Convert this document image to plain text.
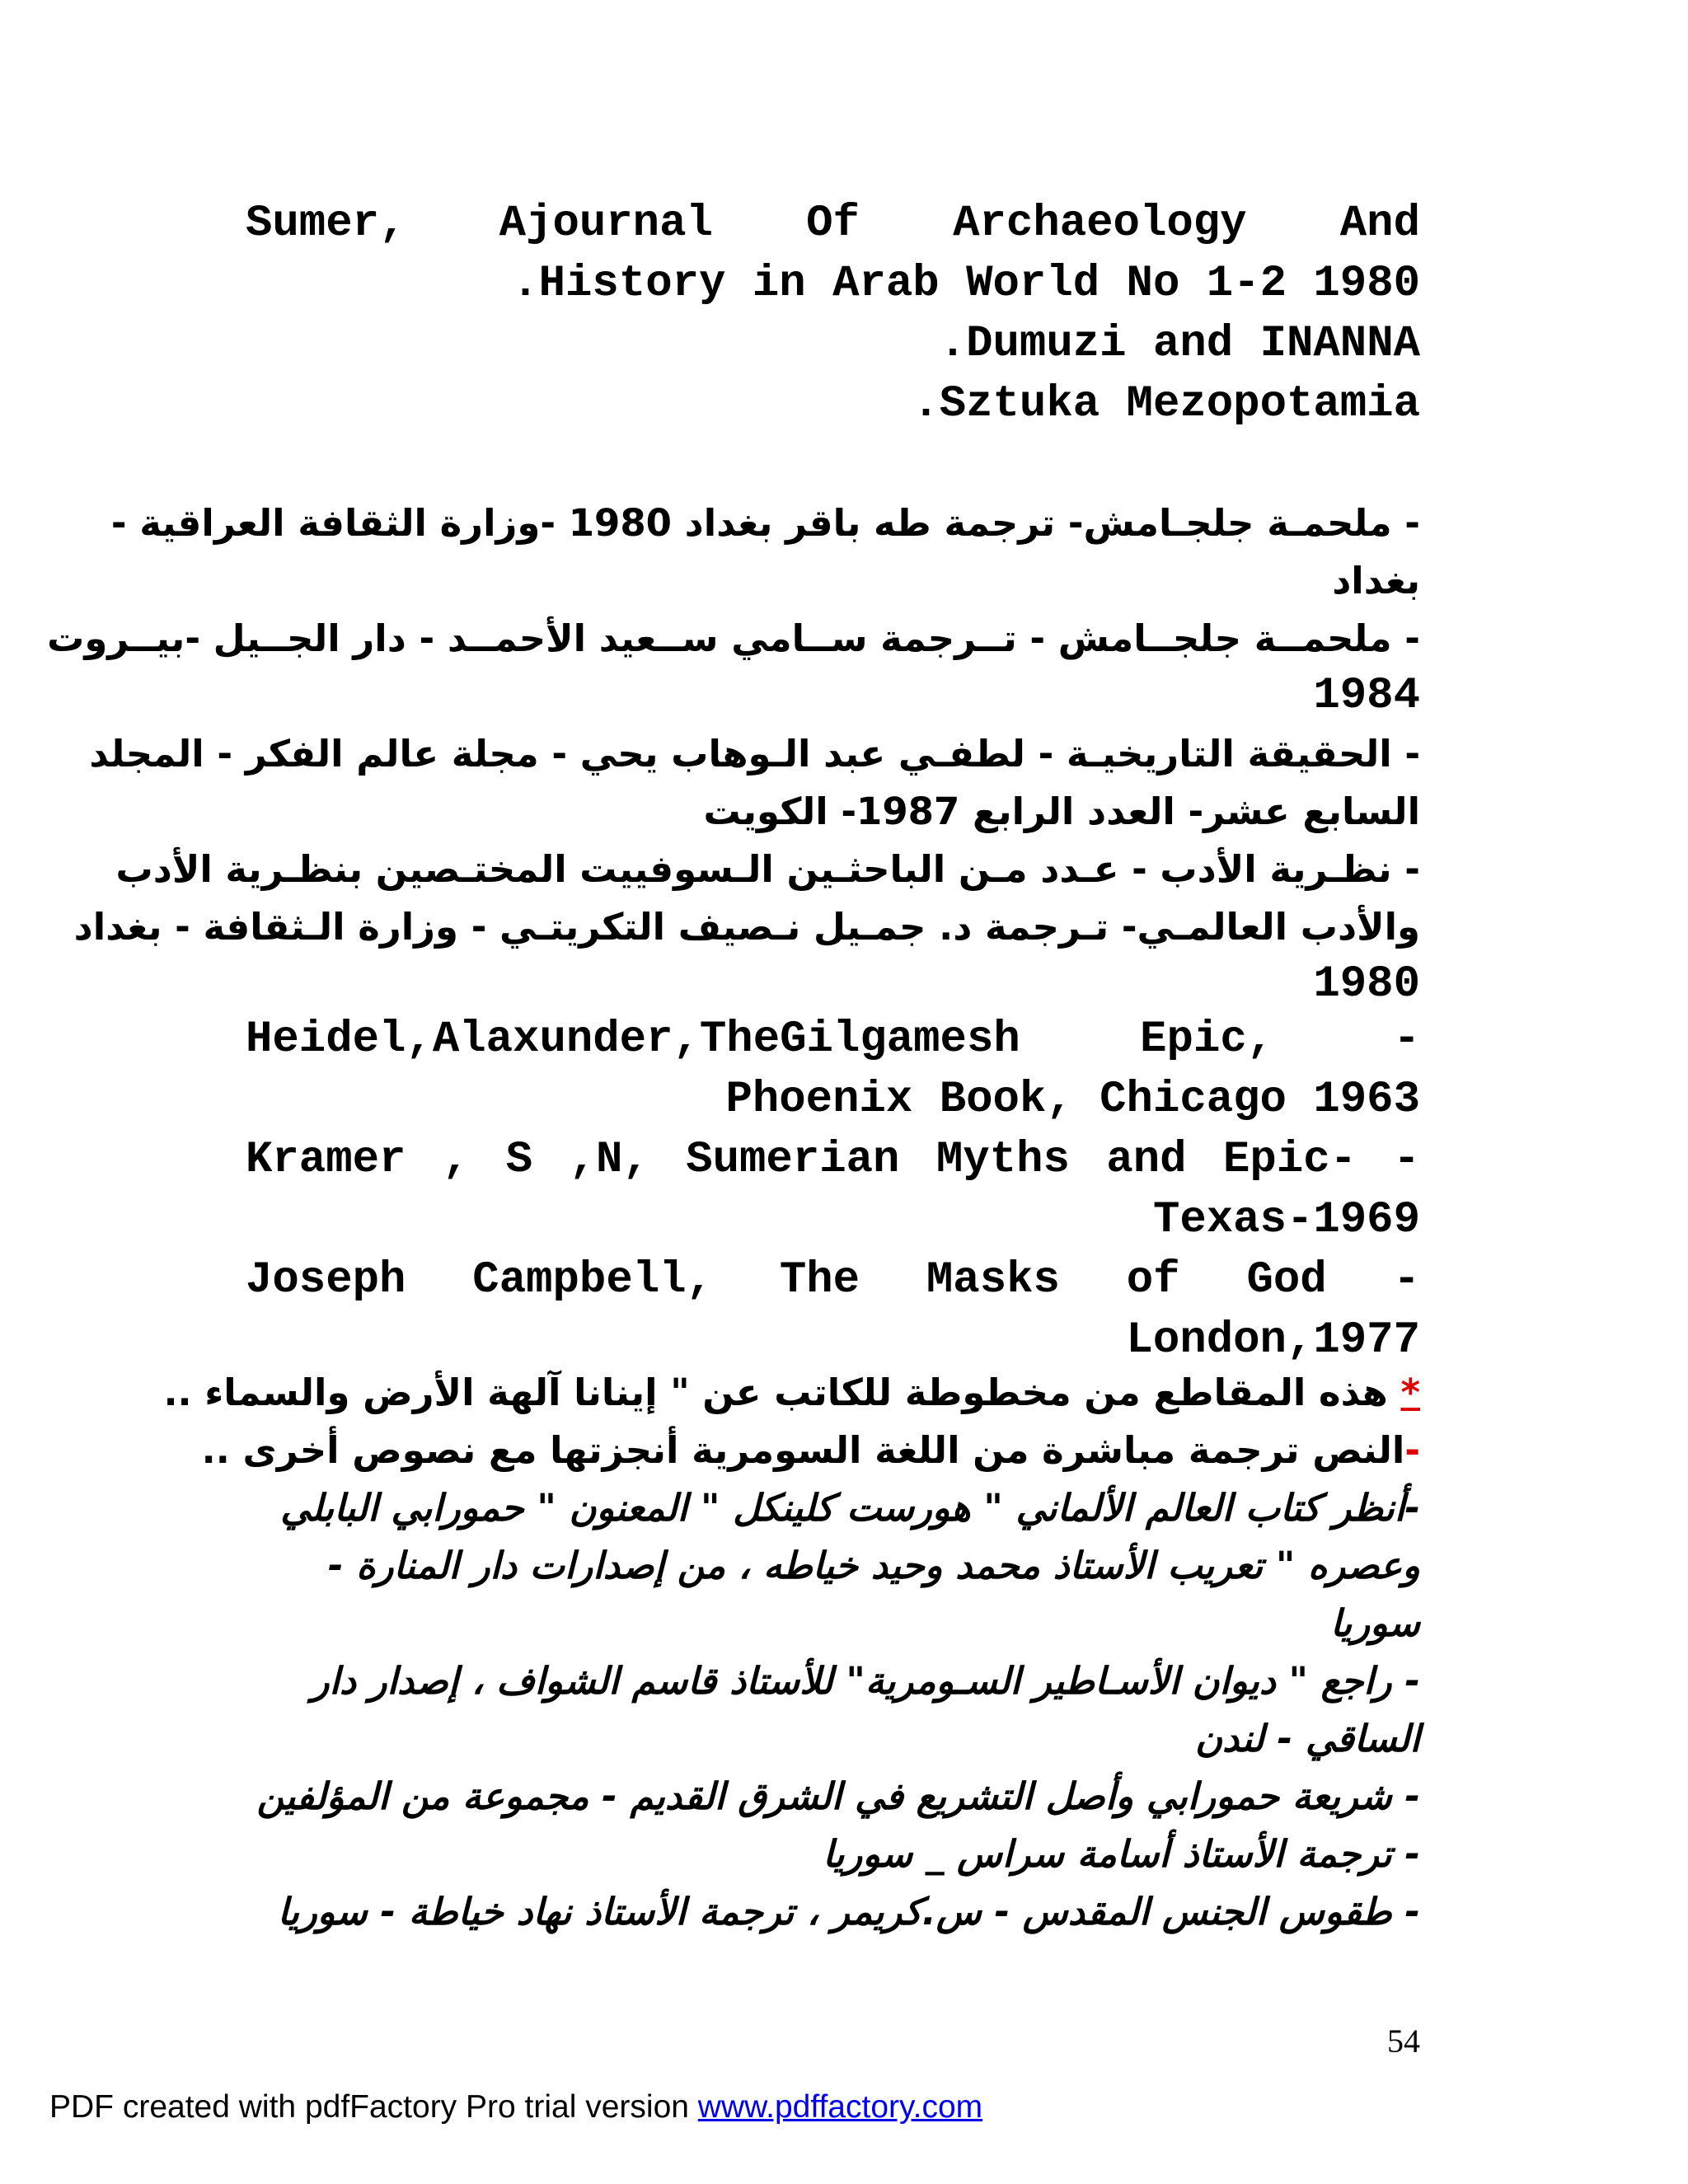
Sumer, Ajournal Of Archaeology And
.History in Arab World No 1-2 1980
.Dumuzi and INANNA
.Sztuka Mezopotamia

- ملحمـة جلجـامش- ترجمة طه باقر بغداد 1980 -وزارة الثقافة العراقية -
بغداد

- ملحمــة جلجــامش - تــرجمة ســامي ســعيد الأحمــد - دار الجــيل -بيــروت
1984

- الحقيقة التاريخيـة - لطفـي عبد الـوهاب يحي - مجلة عالم الفكر - المجلد
السابع عشر- العدد الرابع 1987- الكويت

- نظـرية الأدب - عـدد مـن الباحثـين الـسوفييت المختـصين بنظـرية الأدب
والأدب العالمـي- تـرجمة د. جمـيل نـصيف التكريتـي - وزارة الـثقافة - بغداد
1980

Heidel,Alaxunder,TheGilgamesh	Epic,	-
Phoenix Book, Chicago 1963
Kramer , S ,N, Sumerian Myths and Epic- -
Texas-1969
Joseph Campbell, The Masks of God -
London,1977

* هذه المقاطع من مخطوطة للكاتب عن " إينانا آلهة الأرض والسماء ..
-النص ترجمة مباشرة من اللغة السومرية أنجزتها مع نصوص أخرى ..

-أنظر كتاب العالم الألماني " هورست كلينكل " المعنون " حمورابي البابلي
وعصره " تعريب الأستاذ محمد وحيد خياطه ، من إصدارات دار المنارة -
سوريا

- راجع " ديوان الأسـاطير السـومرية" للأستاذ قاسم الشواف ، إصدار دار
الساقي - لندن

- شريعة حمورابي وأصل التشريع في الشرق القديم - مجموعة من المؤلفين
- ترجمة الأستاذ أسامة سراس _ سوريا

- طقوس الجنس المقدس - س.كريمر ، ترجمة الأستاذ نهاد خياطة - سوريا

54
PDF created with pdfFactory Pro trial version www.pdffactory.com
